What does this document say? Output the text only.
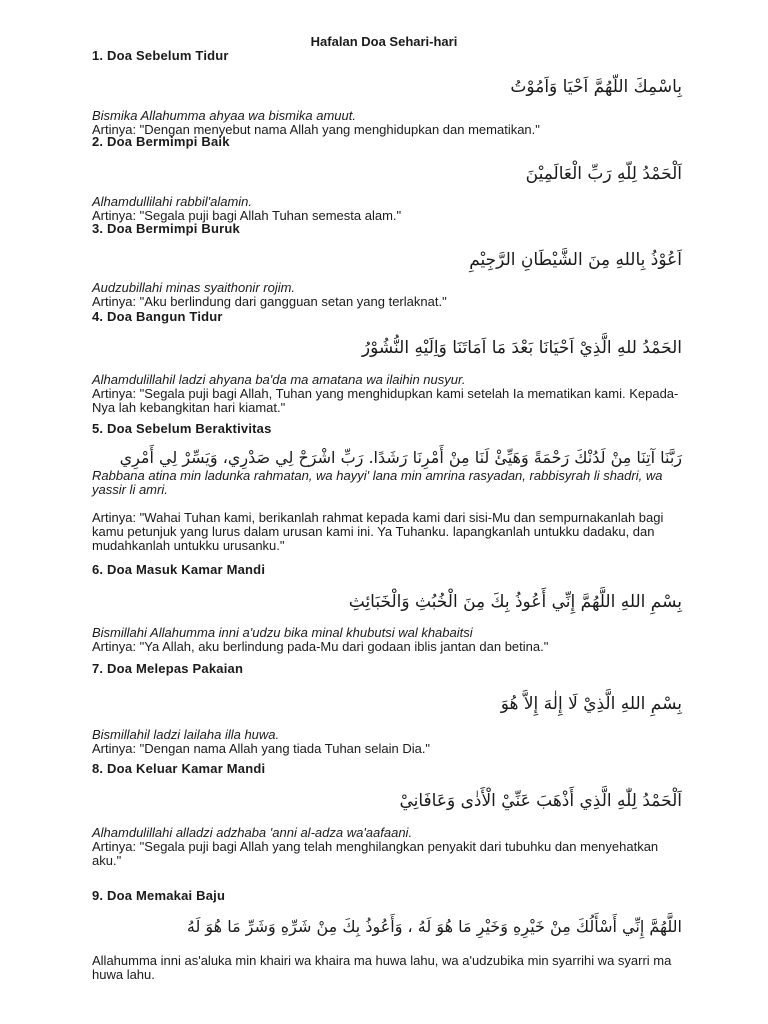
Hafalan Doa Sehari-hari
1. Doa Sebelum Tidur
بِاسْمِكَ اللّهُمَّ اَحْيَا وَاَمُوْتُ
Bismika Allahumma ahyaa wa bismika amuut.
Artinya: "Dengan menyebut nama Allah yang menghidupkan dan mematikan."
2. Doa Bermimpi Baik
اَلْحَمْدُ لِلّهِ رَبِّ الْعَالَمِيْنَ
Alhamdullilahi rabbil'alamin.
Artinya: "Segala puji bagi Allah Tuhan semesta alam."
3. Doa Bermimpi Buruk
اَعُوْذُ بِاللهِ مِنَ الشَّيْطَانِ الرَّجِيْمِ
Audzubillahi minas syaithonir rojim.
Artinya: "Aku berlindung dari gangguan setan yang terlaknat."
4. Doa Bangun Tidur
الحَمْدُ للهِ الَّذِيْ اَحْيَانَا بَعْدَ مَا اَمَاتَنَا وَاِلَيْهِ النُّشُوْرُ
Alhamdulillahil ladzi ahyana ba'da ma amatana wa ilaihin nusyur.
Artinya: "Segala puji bagi Allah, Tuhan yang menghidupkan kami setelah Ia mematikan kami. Kepada-Nya lah kebangkitan hari kiamat."
5. Doa Sebelum Beraktivitas
رَبَّنَا آتِنَا مِنْ لَدُنْكَ رَحْمَةً وَهَيِّئْ لَنَا مِنْ أَمْرِنَا رَشَدًا. رَبِّ اشْرَحْ لِي صَدْرِي، وَيَسِّرْ لِي أَمْرِي
Rabbana atina min ladunka rahmatan, wa hayyi' lana min amrina rasyadan, rabbisyrah li shadri, wa yassir li amri.
Artinya: "Wahai Tuhan kami, berikanlah rahmat kepada kami dari sisi-Mu dan sempurnakanlah bagi kamu petunjuk yang lurus dalam urusan kami ini. Ya Tuhanku. lapangkanlah untukku dadaku, dan mudahkanlah untukku urusanku."
6. Doa Masuk Kamar Mandi
بِسْمِ اللهِ اللَّهُمَّ إِنِّي أَعُوذُ بِكَ مِنَ الْخُبُثِ وَالْخَبَائِثِ
Bismillahi Allahumma inni a'udzu bika minal khubutsi wal khabaitsi
Artinya: "Ya Allah, aku berlindung pada-Mu dari godaan iblis jantan dan betina."
7. Doa Melepas Pakaian
بِسْمِ اللهِ الَّذِيْ لَا إِلٰهَ إِلاَّ هُوَ
Bismillahil ladzi lailaha illa huwa.
Artinya: "Dengan nama Allah yang tiada Tuhan selain Dia."
8. Doa Keluar Kamar Mandi
اَلْحَمْدُ لِلّٰهِ الَّذِي أَذْهَبَ عَنِّيْ الْأَذٰى وَعَافَانِيْ
Alhamdulillahi alladzi adzhaba 'anni al-adza wa'aafaani.
Artinya: "Segala puji bagi Allah yang telah menghilangkan penyakit dari tubuhku dan menyehatkan aku."
9. Doa Memakai Baju
اللَّهُمَّ إِنِّي أَسْأَلُكَ مِنْ خَيْرِهِ وَخَيْرِ مَا هُوَ لَهُ ، وَأَعُوذُ بِكَ مِنْ شَرِّهِ وَشَرِّ مَا هُوَ لَهُ
Allahumma inni as'aluka min khairi wa khaira ma huwa lahu, wa a'udzubika min syarrihi wa syarri ma huwa lahu.
